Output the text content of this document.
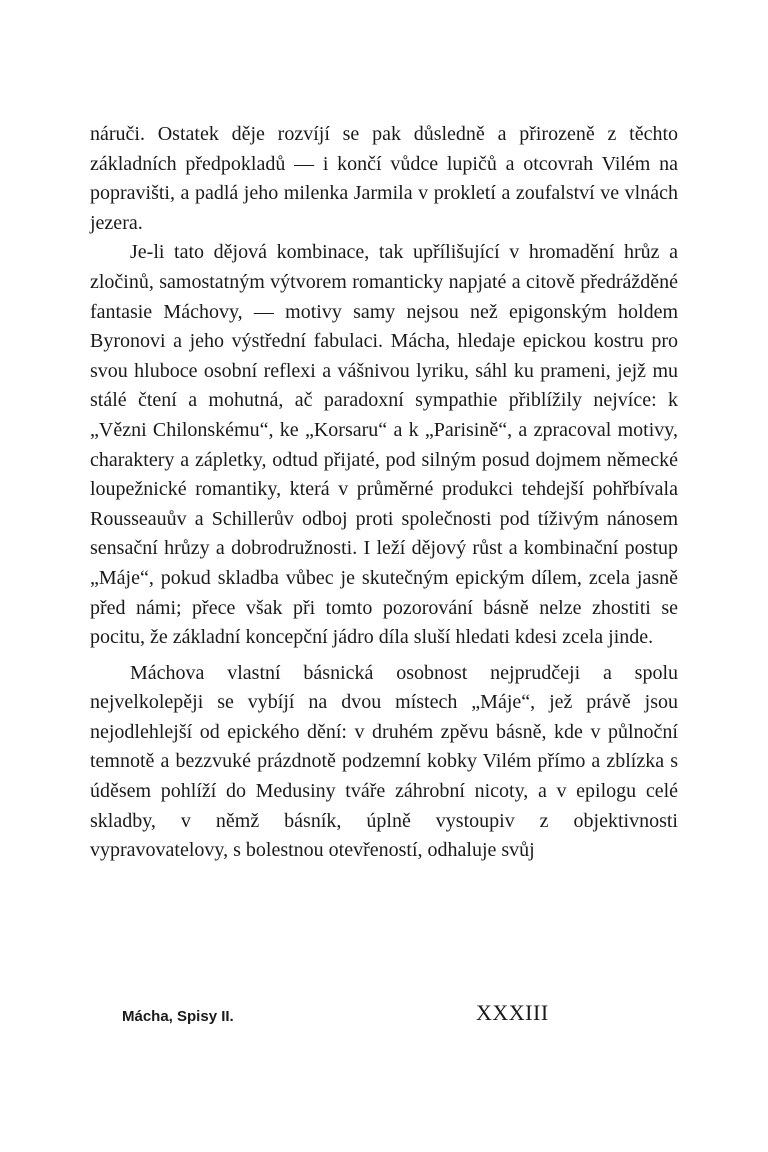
náruči. Ostatek děje rozvíjí se pak důsledně a přirozeně z těchto základních předpokladů — i končí vůdce lupičů a otcovrah Vilém na popravišti, a padlá jeho milenka Jarmila v prokletí a zoufalství ve vlnách jezera.

Je-li tato dějová kombinace, tak upřílišující v hromadění hrůz a zločinů, samostatným výtvorem romanticky napjaté a citově předrážděné fantasie Máchovy, — motivy samy nejsou než epigonským holdem Byronovi a jeho výstřední fabulaci. Mácha, hledaje epickou kostru pro svou hluboce osobní reflexi a vášnivou lyriku, sáhl ku prameni, jejž mu stálé čtení a mohutná, ač paradoxní sympathie přiblížily nejvíce: k „Vězni Chilonskému“, ke „Korsaru“ a k „Parisině“, a zpracoval motivy, charaktery a zápletky, odtud přijaté, pod silným posud dojmem německé loupežnické romantiky, která v průměrné produkci tehdejší pohřbívala Rousseauův a Schillerův odboj proti společnosti pod tíživým nánosem sensační hrůzy a dobrodružnosti. I leží dějový růst a kombinační postup „Máje“, pokud skladba vůbec je skutečným epickým dílem, zcela jasně před námi; přece však při tomto pozorování básně nelze zhostiti se pocitu, že základní koncepční jádro díla sluší hledati kdesi zcela jinde.

Máchova vlastní básnická osobnost nejprudčeji a spolu nejvelkolepěji se vybíjí na dvou místech „Máje“, jež právě jsou nejodlehlejší od epického dění: v druhém zpěvu básně, kde v půlnoční temnotě a bezzvuké prázdnotě podzemní kobky Vilém přímo a zblízka s úděsem pohlíží do Medusiny tváře záhrobní nicoty, a v epilogu celé skladby, v němž básník, úplně vystoupiv z objektivnosti vypravovatelovy, s bolestnou otevřeností, odhaluje svůj

Mácha, Spisy II.	XXXIII
